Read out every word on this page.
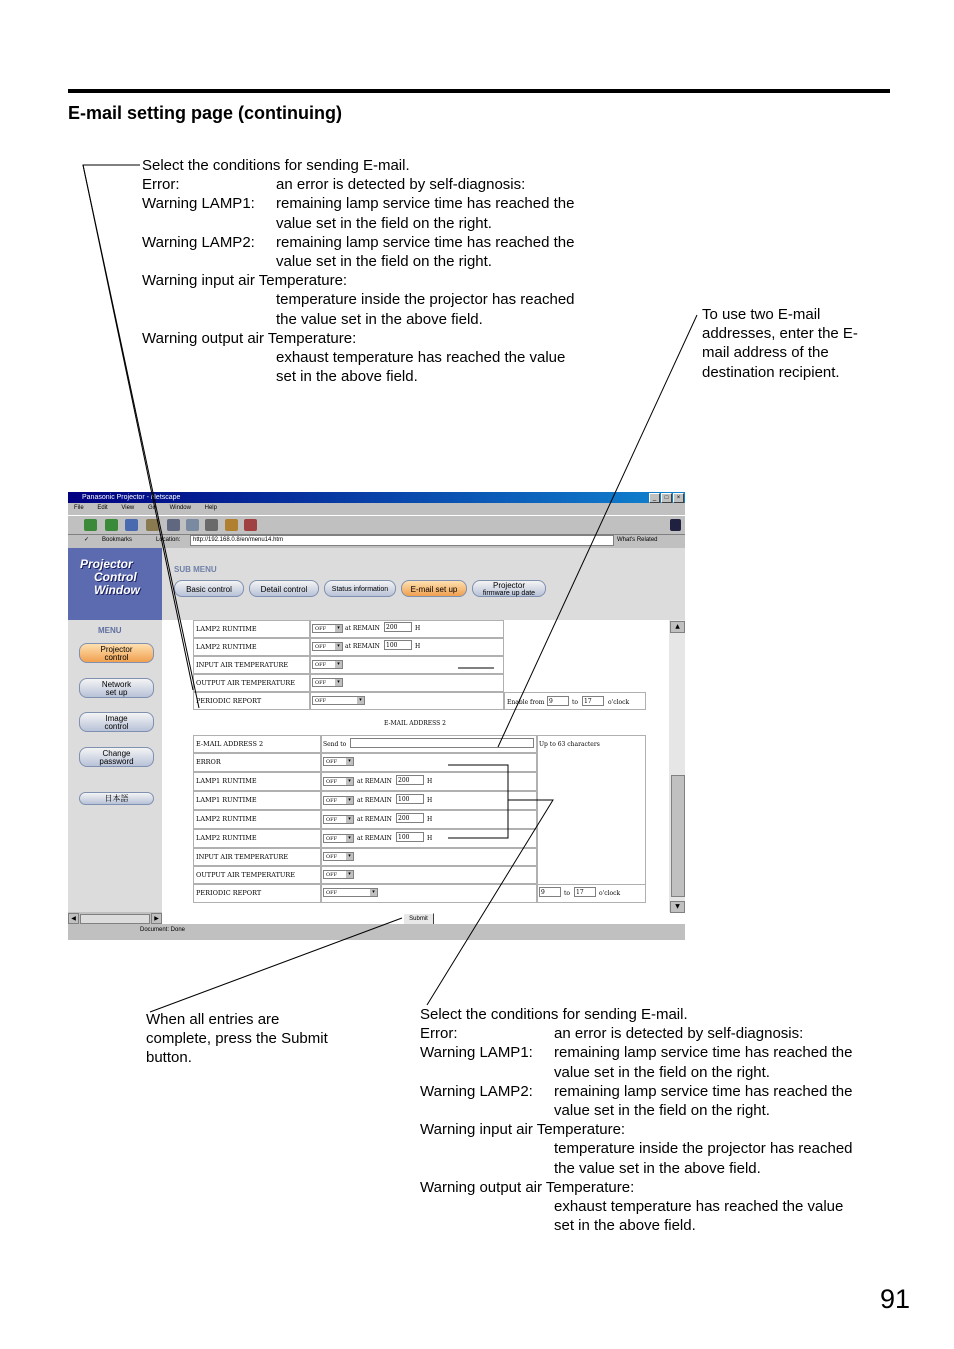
E-mail setting page (continuing)
Select the conditions for sending E-mail.
Error:	an error is detected by self-diagnosis:
Warning LAMP1:	remaining lamp service time has reached the
value set in the field on the right.
Warning LAMP2:	remaining lamp service time has reached the
value set in the field on the right.
Warning input air Temperature:
temperature inside the projector has reached
the value set in the above field.
Warning output air Temperature:
exhaust temperature has reached the value
set in the above field.
To use two E-mail
addresses, enter the E-
mail address of the
destination recipient.
Panasonic Projector - Netscape	_	□	×
File Edit View Go Window Help
✓ Bookmarks	Location:	http://192.168.0.8/en/menu14.htm	What's Related
Projector
Control
Window
SUB MENU
Basic control	Detail control	Status information	E-mail set up	Projector
firmware up date
MENU
Projector
control
Network
set up
Image
control
Change
password
日本語
LAMP2 RUNTIME	OFF ▾	at REMAIN	200	H
LAMP2 RUNTIME	OFF ▾	at REMAIN	100	H
INPUT AIR TEMPERATURE	OFF ▾
OUTPUT AIR TEMPERATURE	OFF ▾
PERIODIC REPORT	OFF ▾	Enable from 9	to 17	o'clock
E-MAIL ADDRESS 2
E-MAIL ADDRESS 2	Send to	Up to 63 characters
ERROR	OFF ▾
LAMP1 RUNTIME	OFF ▾	at REMAIN	200	H
LAMP1 RUNTIME	OFF ▾	at REMAIN	100	H
LAMP2 RUNTIME	OFF ▾	at REMAIN	200	H
LAMP2 RUNTIME	OFF ▾	at REMAIN	100	H
INPUT AIR TEMPERATURE	OFF ▾
OUTPUT AIR TEMPERATURE	OFF ▾
PERIODIC REPORT	OFF ▾	9	to 17	o'clock
Submit
▲
▼
◀	▶
Document: Done
When all entries are
complete, press the Submit
button.
Select the conditions for sending E-mail.
Error:	an error is detected by self-diagnosis:
Warning LAMP1:	remaining lamp service time has reached the
value set in the field on the right.
Warning LAMP2:	remaining lamp service time has reached the
value set in the field on the right.
Warning input air Temperature:
temperature inside the projector has reached
the value set in the above field.
Warning output air Temperature:
exhaust temperature has reached the value
set in the above field.
91
